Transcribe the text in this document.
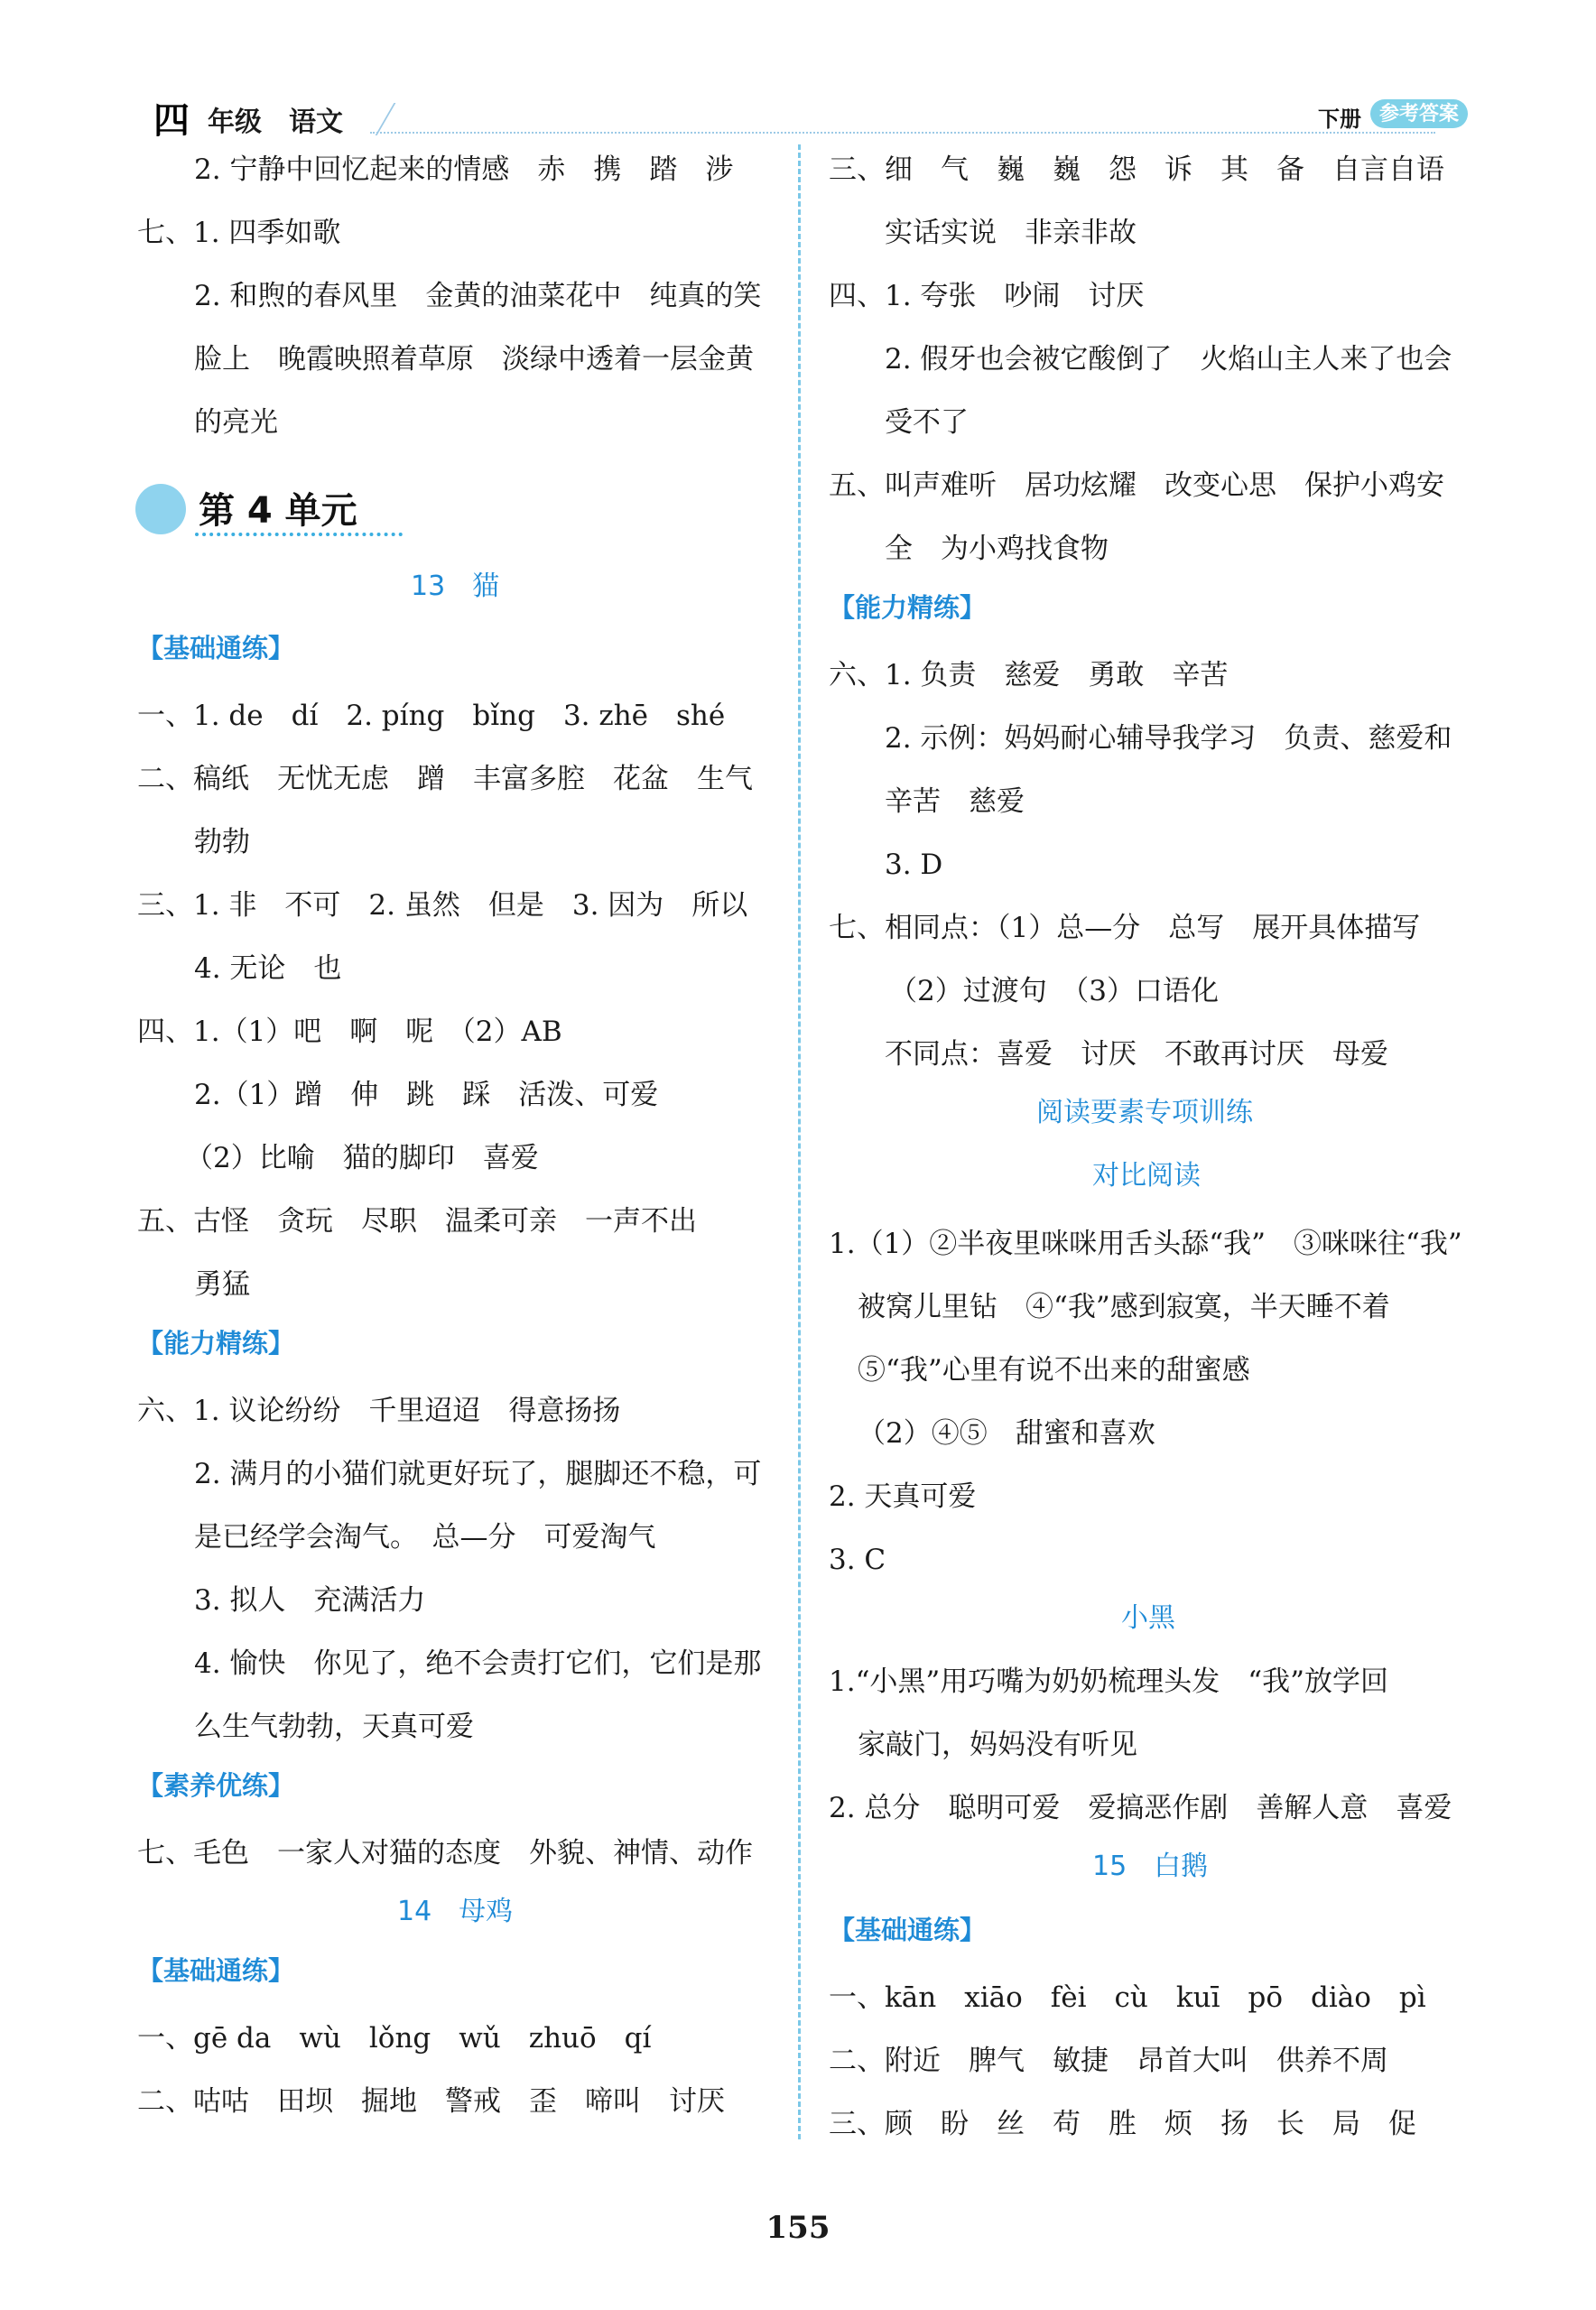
四 年级 语文	下册 参考答案
第 4 单元
2. 宁静中回忆起来的情感　赤　携　踏　涉
七、1. 四季如歌
2. 和煦的春风里　金黄的油菜花中　纯真的笑
脸上　晚霞映照着草原　淡绿中透着一层金黄
的亮光
13　猫
【基础通练】
一、1. de　dí　2. píng　bǐng　3. zhē　shé
二、稿纸　无忧无虑　蹭　丰富多腔　花盆　生气
勃勃
三、1. 非　不可　2. 虽然　但是　3. 因为　所以
4. 无论　也
四、1.（1）吧　啊　呢　（2）AB
2.（1）蹭　伸　跳　踩　活泼、可爱
（2）比喻　猫的脚印　喜爱
五、古怪　贪玩　尽职　温柔可亲　一声不出
勇猛
【能力精练】
六、1. 议论纷纷　千里迢迢　得意扬扬
2. 满月的小猫们就更好玩了，腿脚还不稳，可
是已经学会淘气。　总—分　可爱淘气
3. 拟人　充满活力
4. 愉快　你见了，绝不会责打它们，它们是那
么生气勃勃，天真可爱
【素养优练】
七、毛色　一家人对猫的态度　外貌、神情、动作
14　母鸡
【基础通练】
一、gē da　wù　lǒng　wǔ　zhuō　qí
二、咕咕　田坝　掘地　警戒　歪　啼叫　讨厌
三、细　气　巍　巍　怨　诉　其　备　自言自语
实话实说　非亲非故
四、1. 夸张　吵闹　讨厌
2. 假牙也会被它酸倒了　火焰山主人来了也会
受不了
五、叫声难听　居功炫耀　改变心思　保护小鸡安
全　为小鸡找食物
【能力精练】
六、1. 负责　慈爱　勇敢　辛苦
2. 示例：妈妈耐心辅导我学习　负责、慈爱和
辛苦　慈爱
3. D
七、相同点：（1）总—分　总写　展开具体描写
（2）过渡句　（3）口语化
不同点：喜爱　讨厌　不敢再讨厌　母爱
阅读要素专项训练
对比阅读
1.（1）②半夜里咪咪用舌头舔“我”　③咪咪往“我”
被窝儿里钻　④“我”感到寂寞，半天睡不着
⑤“我”心里有说不出来的甜蜜感
（2）④⑤　甜蜜和喜欢
2. 天真可爱
3. C
小黑
1.“小黑”用巧嘴为奶奶梳理头发　“我”放学回
家敲门，妈妈没有听见
2. 总分　聪明可爱　爱搞恶作剧　善解人意　喜爱
15　白鹅
【基础通练】
一、kān　xiāo　fèi　cù　kuī　pō　diào　pì
二、附近　脾气　敏捷　昂首大叫　供养不周
三、顾　盼　丝　苟　胜　烦　扬　长　局　促
155
